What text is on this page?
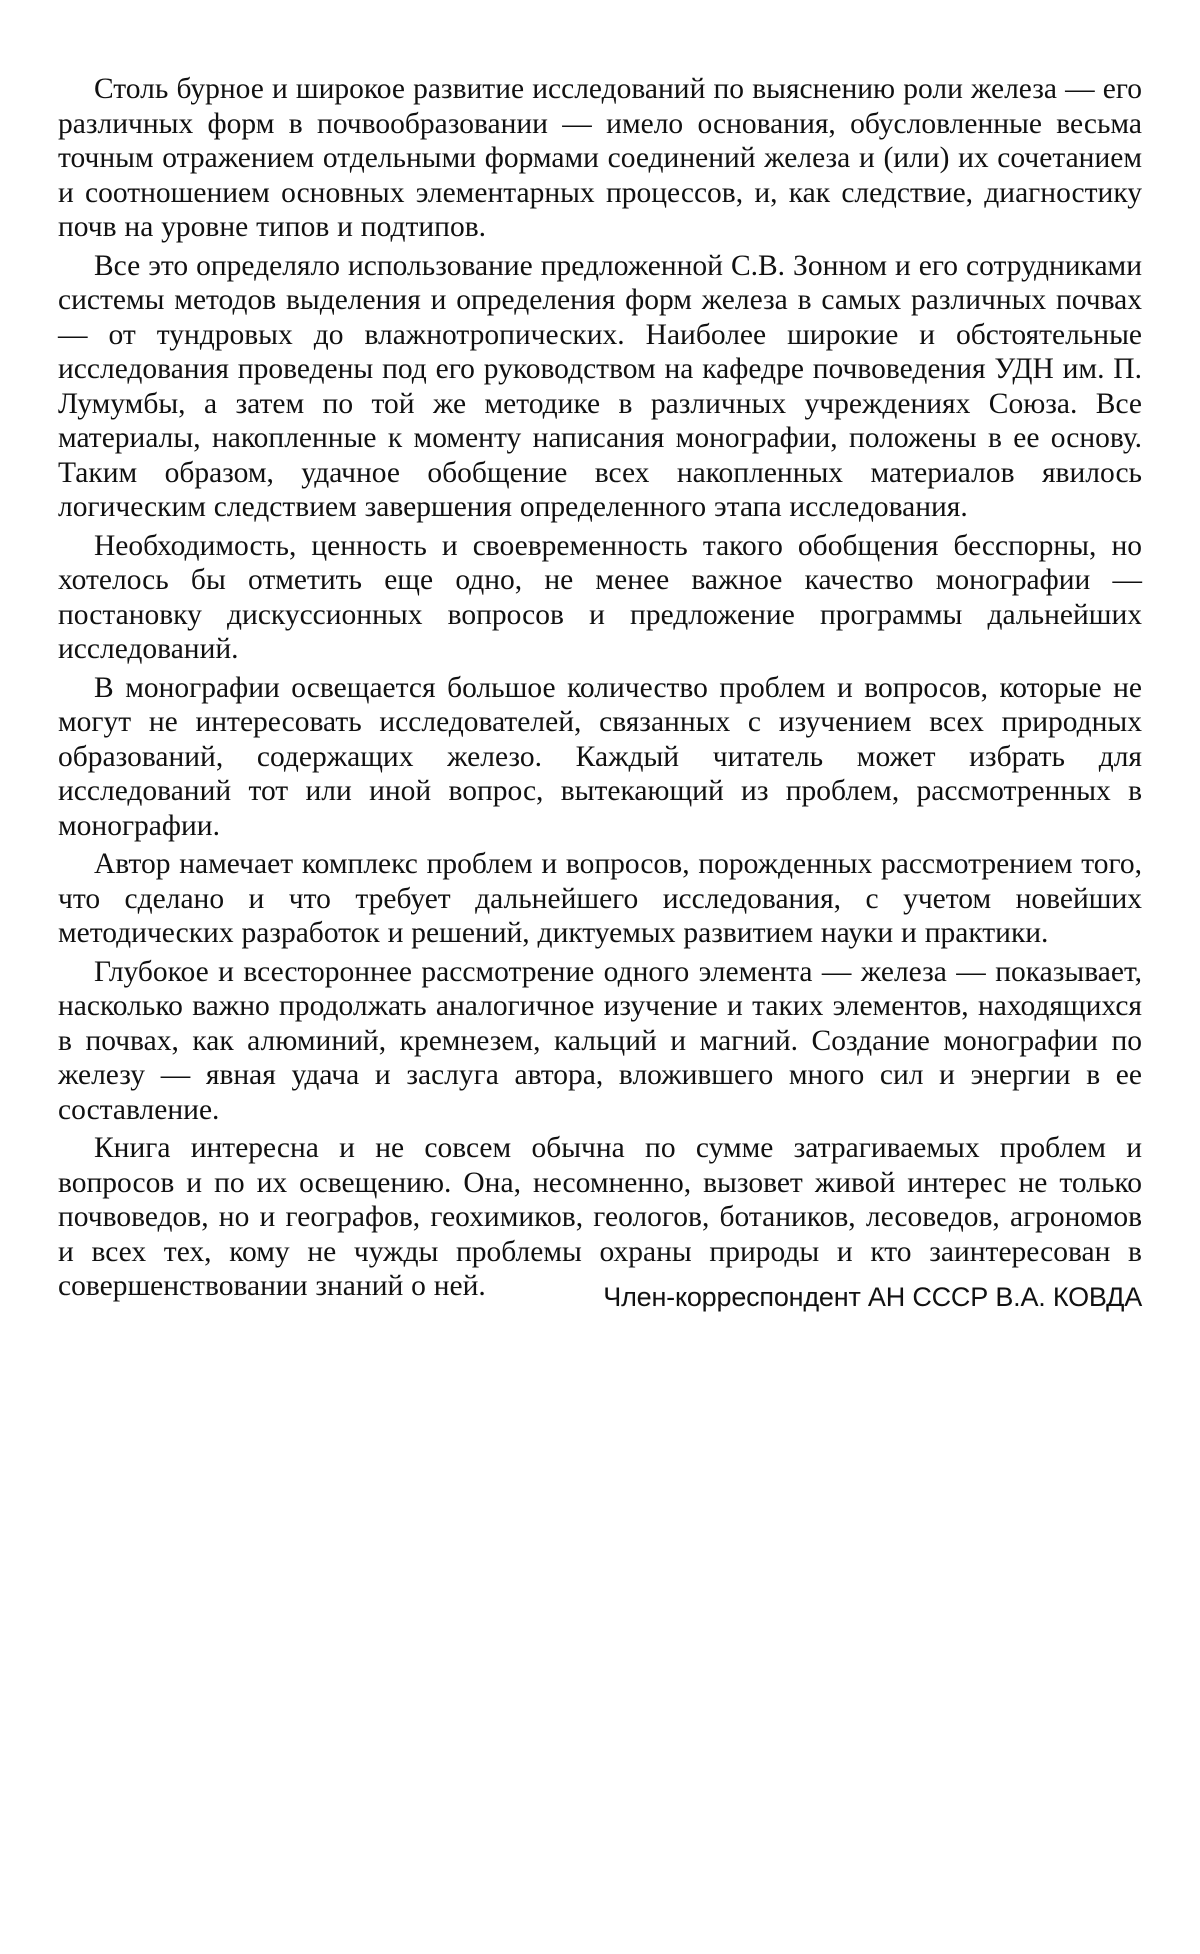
Столь бурное и широкое развитие исследований по выяснению роли железа — его различных форм в почвообразовании — имело основания, обусловленные весьма точным отражением отдельными формами соединений железа и (или) их сочетанием и соотношением основных элементарных процессов, и, как следствие, диагностику почв на уровне типов и подтипов.

Все это определяло использование предложенной С.В. Зонном и его сотрудниками системы методов выделения и определения форм железа в самых различных почвах — от тундровых до влажнотропических. Наиболее широкие и обстоятельные исследования проведены под его руководством на кафедре почвоведения УДН им. П. Лумумбы, а затем по той же методике в различных учреждениях Союза. Все материалы, накопленные к моменту написания монографии, положены в ее основу. Таким образом, удачное обобщение всех накопленных материалов явилось логическим следствием завершения определенного этапа исследования.

Необходимость, ценность и своевременность такого обобщения бесспорны, но хотелось бы отметить еще одно, не менее важное качество монографии — постановку дискуссионных вопросов и предложение программы дальнейших исследований.

В монографии освещается большое количество проблем и вопросов, которые не могут не интересовать исследователей, связанных с изучением всех природных образований, содержащих железо. Каждый читатель может избрать для исследований тот или иной вопрос, вытекающий из проблем, рассмотренных в монографии.

Автор намечает комплекс проблем и вопросов, порожденных рассмотрением того, что сделано и что требует дальнейшего исследования, с учетом новейших методических разработок и решений, диктуемых развитием науки и практики.

Глубокое и всестороннее рассмотрение одного элемента — железа — показывает, насколько важно продолжать аналогичное изучение и таких элементов, находящихся в почвах, как алюминий, кремнезем, кальций и магний. Создание монографии по железу — явная удача и заслуга автора, вложившего много сил и энергии в ее составление.

Книга интересна и не совсем обычна по сумме затрагиваемых проблем и вопросов и по их освещению. Она, несомненно, вызовет живой интерес не только почвоведов, но и географов, геохимиков, геологов, ботаников, лесоведов, агрономов и всех тех, кому не чужды проблемы охраны природы и кто заинтересован в совершенствовании знаний о ней.	Член-корреспондент АН СССР В.А. КОВДА
